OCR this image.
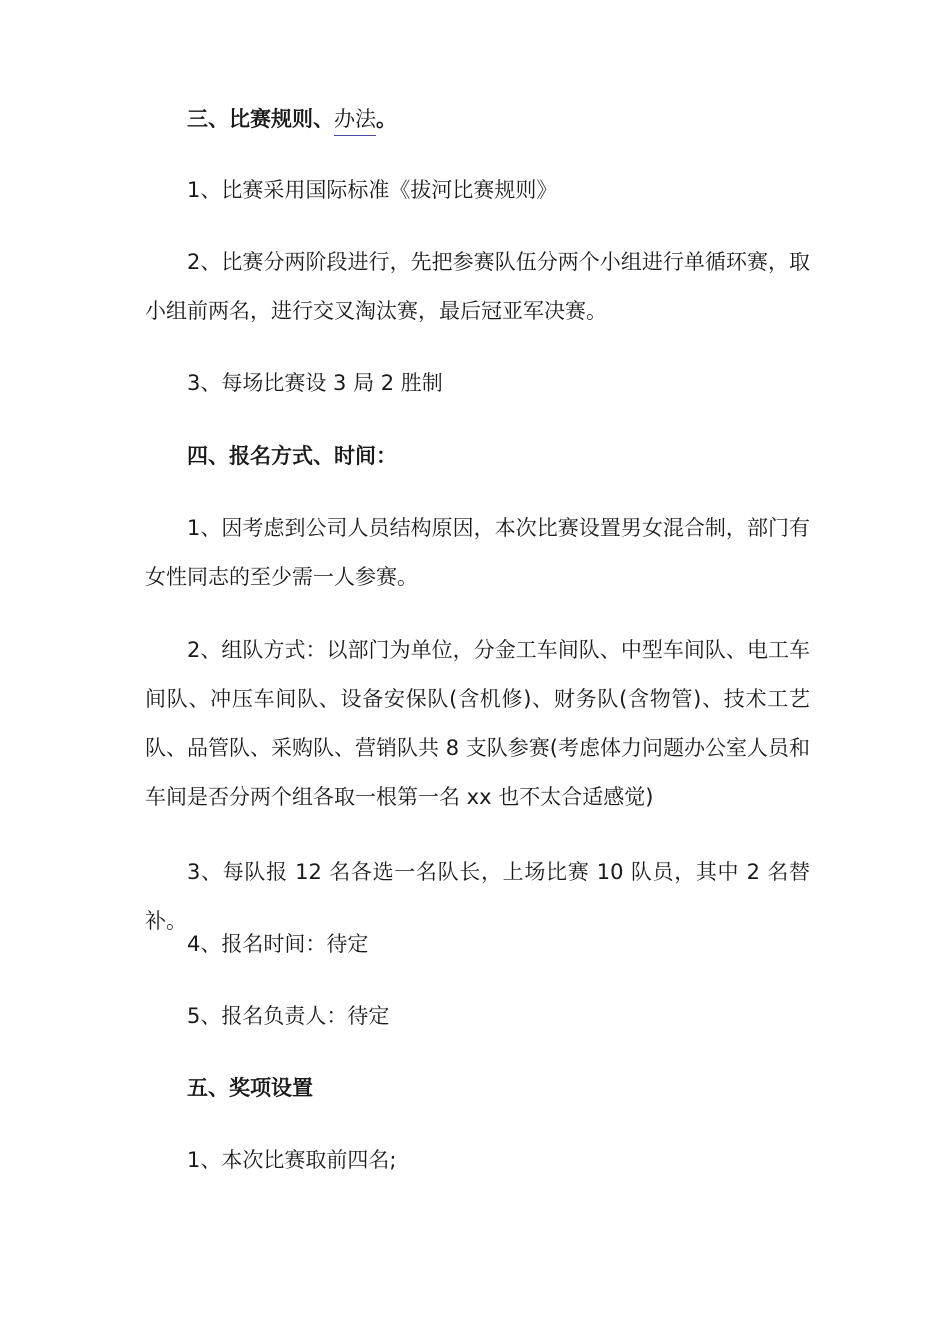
三、比赛规则、办法。

1、比赛采用国际标准《拔河比赛规则》

2、比赛分两阶段进行，先把参赛队伍分两个小组进行单循环赛，取小组前两名，进行交叉淘汰赛，最后冠亚军决赛。

3、每场比赛设 3 局 2 胜制

四、报名方式、时间：

1、因考虑到公司人员结构原因，本次比赛设置男女混合制，部门有女性同志的至少需一人参赛。

2、组队方式：以部门为单位，分金工车间队、中型车间队、电工车间队、冲压车间队、设备安保队(含机修)、财务队(含物管)、技术工艺队、品管队、采购队、营销队共 8 支队参赛(考虑体力问题办公室人员和车间是否分两个组各取一根第一名 xx 也不太合适感觉)

3、每队报 12 名各选一名队长，上场比赛 10 队员，其中 2 名替补。

4、报名时间：待定

5、报名负责人：待定

五、奖项设置

1、本次比赛取前四名;
